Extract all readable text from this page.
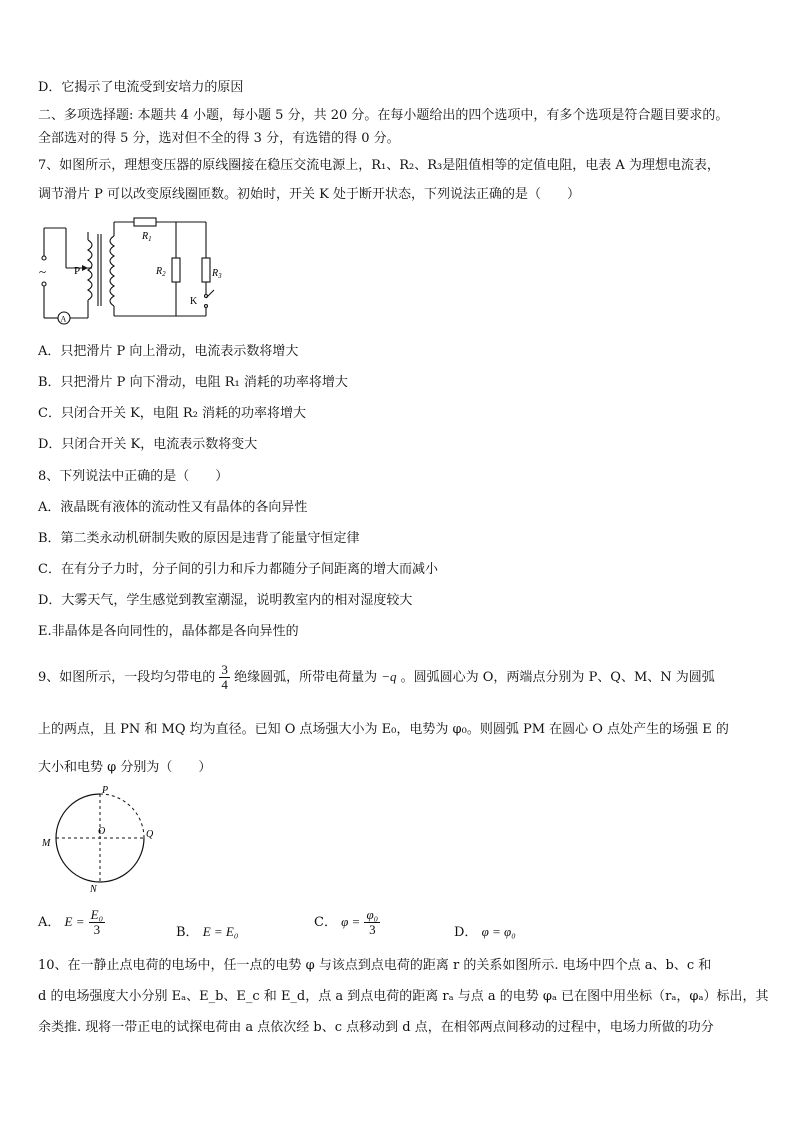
D．它揭示了电流受到安培力的原因
二、多项选择题: 本题共 4 小题，每小题 5 分，共 20 分。在每小题给出的四个选项中，有多个选项是符合题目要求的。
全部选对的得 5 分，选对但不全的得 3 分，有选错的得 0 分。
7、如图所示，理想变压器的原线圈接在稳压交流电源上，R₁、R₂、R₃是阻值相等的定值电阻，电表 A 为理想电流表，
调节滑片 P 可以改变原线圈匝数。初始时，开关 K 处于断开状态，下列说法正确的是（　　）
~	P
A
$R_1$
$R_2$	$R_3$
K
A．只把滑片 P 向上滑动，电流表示数将增大
B．只把滑片 P 向下滑动，电阻 R₁ 消耗的功率将增大
C．只闭合开关 K，电阻 R₂ 消耗的功率将增大
D．只闭合开关 K，电流表示数将变大
8、下列说法中正确的是（　　）
A．液晶既有液体的流动性又有晶体的各向异性
B．第二类永动机研制失败的原因是违背了能量守恒定律
C．在有分子力时，分子间的引力和斥力都随分子间距离的增大而减小
D．大雾天气，学生感觉到教室潮湿，说明教室内的相对湿度较大
E.非晶体是各向同性的，晶体都是各向异性的
9、如图所示，一段均匀带电的 $\frac{3}{4}$ 绝缘圆弧，所带电荷量为 −q 。圆弧圆心为 O，两端点分别为 P、Q、M、N 为圆弧
上的两点，且 PN 和 MQ 均为直径。已知 O 点场强大小为 E₀，电势为 φ₀。则圆弧 PM 在圆心 O 点处产生的场强 E 的
大小和电势 φ 分别为（　　）
P
Q
M
N
O
A． $E = \frac{\text{E₀}}{3}$	B． E = E₀
C． $\varphi = \frac{\text{φ₀}}{3}$	D． φ = φ₀
10、在一静止点电荷的电场中，任一点的电势 φ 与该点到点电荷的距离 r 的关系如图所示. 电场中四个点 a、b、c 和
d 的电场强度大小分别 Eₐ、E_b、E_c 和 E_d，点 a 到点电荷的距离 rₐ 与点 a 的电势 φₐ 已在图中用坐标（rₐ，φₐ）标出，其
余类推. 现将一带正电的试探电荷由 a 点依次经 b、c 点移动到 d 点，在相邻两点间移动的过程中，电场力所做的功分
